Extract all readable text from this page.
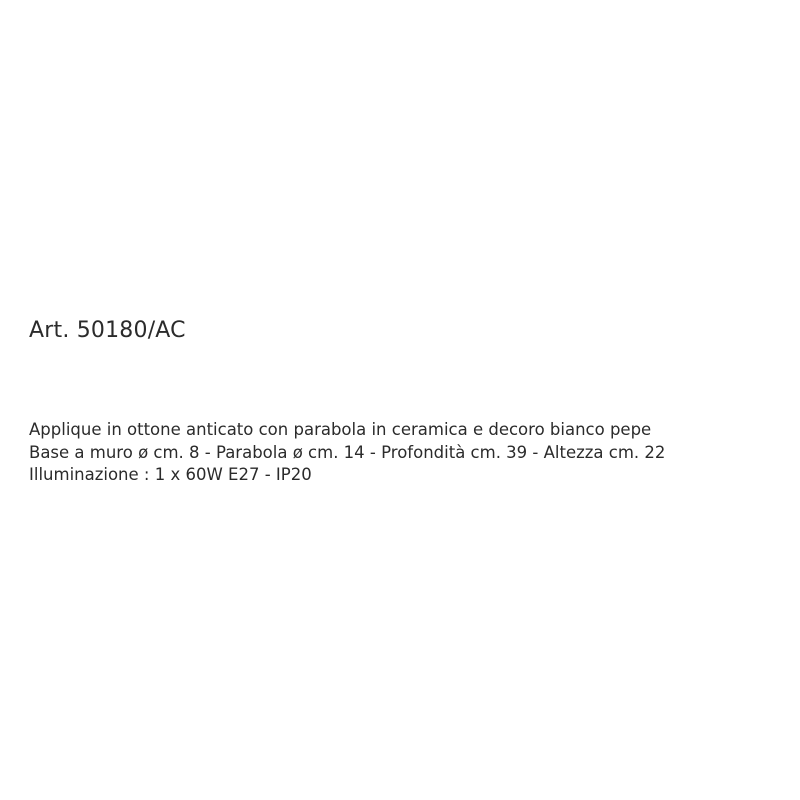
Art. 50180/AC
Applique in ottone anticato con parabola in ceramica e decoro bianco pepe
Base a muro ø cm. 8 - Parabola ø cm. 14 - Profondità cm. 39 - Altezza cm. 22
Illuminazione : 1 x 60W E27 - IP20
